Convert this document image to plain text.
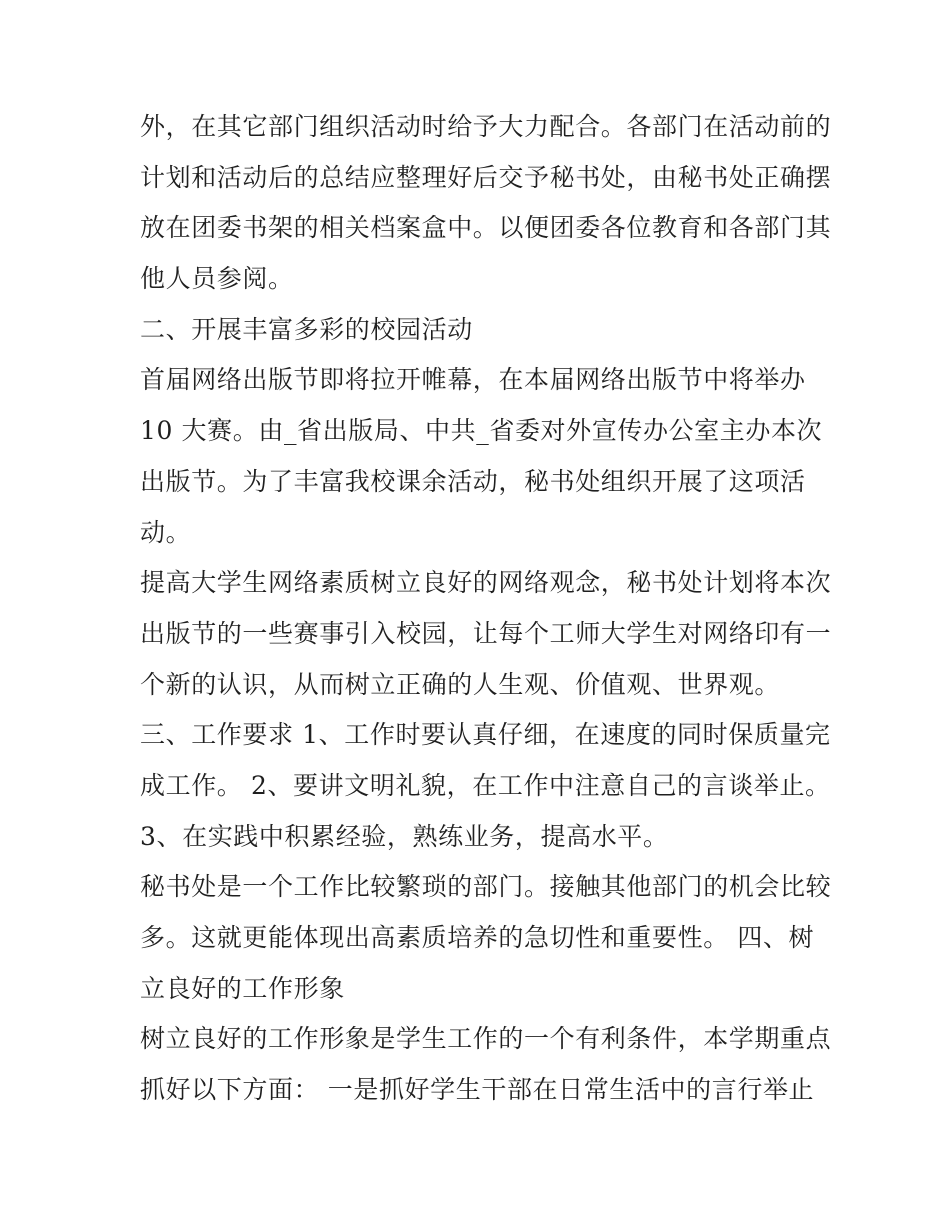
外，在其它部门组织活动时给予大力配合。各部门在活动前的

计划和活动后的总结应整理好后交予秘书处，由秘书处正确摆

放在团委书架的相关档案盒中。以便团委各位教育和各部门其

他人员参阅。

二、开展丰富多彩的校园活动

首届网络出版节即将拉开帷幕，在本届网络出版节中将举办

10 大赛。由_省出版局、中共_省委对外宣传办公室主办本次

出版节。为了丰富我校课余活动，秘书处组织开展了这项活

动。

提高大学生网络素质树立良好的网络观念，秘书处计划将本次

出版节的一些赛事引入校园，让每个工师大学生对网络印有一

个新的认识，从而树立正确的人生观、价值观、世界观。

三、工作要求 1、工作时要认真仔细，在速度的同时保质量完

成工作。 2、要讲文明礼貌，在工作中注意自己的言谈举止。

3、在实践中积累经验，熟练业务，提高水平。

秘书处是一个工作比较繁琐的部门。接触其他部门的机会比较

多。这就更能体现出高素质培养的急切性和重要性。 四、树

立良好的工作形象

树立良好的工作形象是学生工作的一个有利条件，本学期重点

抓好以下方面： 一是抓好学生干部在日常生活中的言行举止
